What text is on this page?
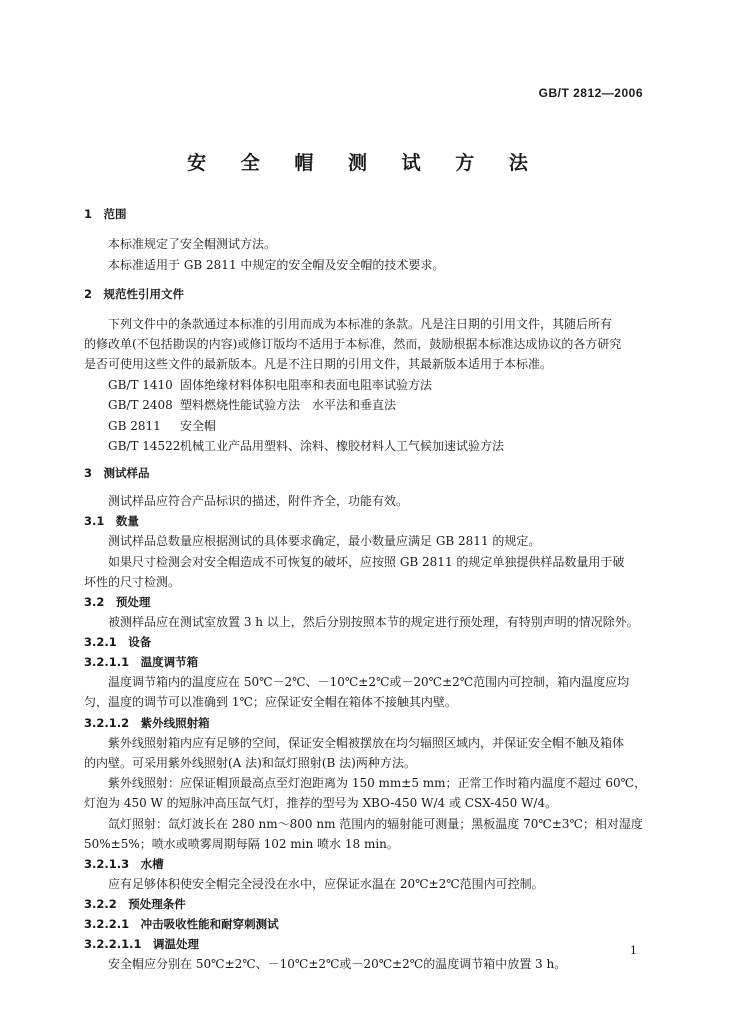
GB/T 2812—2006
安 全 帽 测 试 方 法
1　范围
本标准规定了安全帽测试方法。
本标准适用于 GB 2811 中规定的安全帽及安全帽的技术要求。
2　规范性引用文件
下列文件中的条款通过本标准的引用而成为本标准的条款。凡是注日期的引用文件，其随后所有
的修改单(不包括勘误的内容)或修订版均不适用于本标准，然而，鼓励根据本标准达成协议的各方研究
是否可使用这些文件的最新版本。凡是不注日期的引用文件，其最新版本适用于本标准。
GB/T 1410 固体绝缘材料体积电阻率和表面电阻率试验方法
GB/T 2408 塑料燃烧性能试验方法　水平法和垂直法
GB 2811 安全帽
GB/T 14522机械工业产品用塑料、涂料、橡胶材料人工气候加速试验方法
3　测试样品
测试样品应符合产品标识的描述，附件齐全，功能有效。
3.1　数量
测试样品总数量应根据测试的具体要求确定，最小数量应满足 GB 2811 的规定。
如果尺寸检测会对安全帽造成不可恢复的破坏，应按照 GB 2811 的规定单独提供样品数量用于破
坏性的尺寸检测。
3.2　预处理
被测样品应在测试室放置 3 h 以上，然后分别按照本节的规定进行预处理，有特别声明的情况除外。
3.2.1　设备
3.2.1.1　温度调节箱
温度调节箱内的温度应在 50℃－2℃、－10℃±2℃或－20℃±2℃范围内可控制，箱内温度应均
匀，温度的调节可以准确到 1℃；应保证安全帽在箱体不接触其内壁。
3.2.1.2　紫外线照射箱
紫外线照射箱内应有足够的空间，保证安全帽被摆放在均匀辐照区域内，并保证安全帽不触及箱体
的内壁。可采用紫外线照射(A 法)和氙灯照射(B 法)两种方法。
紫外线照射：应保证帽顶最高点至灯泡距离为 150 mm±5 mm；正常工作时箱内温度不超过 60℃，
灯泡为 450 W 的短脉冲高压氙气灯，推荐的型号为 XBO-450 W/4 或 CSX-450 W/4。
氙灯照射：氙灯波长在 280 nm～800 nm 范围内的辐射能可测量；黑板温度 70℃±3℃；相对湿度
50%±5%；喷水或喷雾周期每隔 102 min 喷水 18 min。
3.2.1.3　水槽
应有足够体积使安全帽完全浸没在水中，应保证水温在 20℃±2℃范围内可控制。
3.2.2　预处理条件
3.2.2.1　冲击吸收性能和耐穿刺测试
3.2.2.1.1　调温处理
安全帽应分别在 50℃±2℃、－10℃±2℃或－20℃±2℃的温度调节箱中放置 3 h。
1
